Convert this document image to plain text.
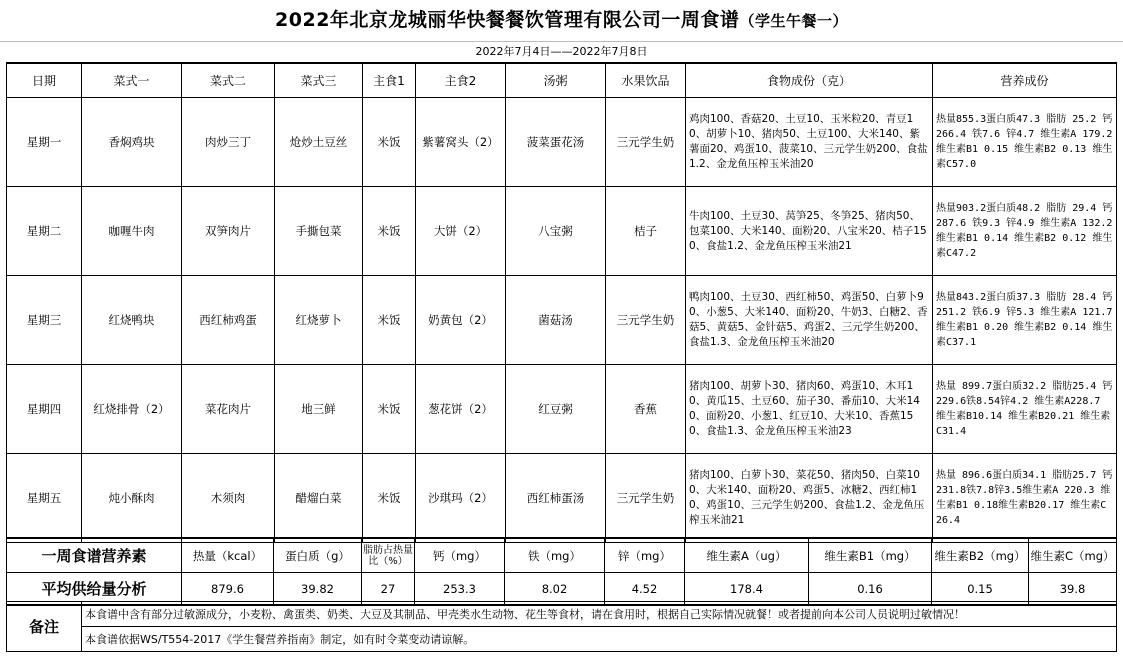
2022年北京龙城丽华快餐餐饮管理有限公司一周食谱（学生午餐一）
2022年7月4日——2022年7月8日
日期	菜式一	菜式二	菜式三	主食1	主食2	汤粥	水果饮品	食物成份（克）	营养成份
星期一	香焖鸡块	肉炒三丁	炝炒土豆丝	米饭	紫薯窝头（2）	菠菜蛋花汤	三元学生奶	鸡肉100、香菇20、土豆10、玉米粒20、青豆10、胡萝卜10、猪肉50、土豆100、大米140、紫薯面20、鸡蛋10、菠菜10、三元学生奶200、食盐1.2、金龙鱼压榨玉米油20	热量855.3蛋白质47.3 脂肪 25.2 钙 266.4 铁7.6 锌4.7 维生素A 179.2 维生素B1 0.15 维生素B2 0.13 维生素C57.0
星期二	咖喱牛肉	双笋肉片	手撕包菜	米饭	大饼（2）	八宝粥	桔子	牛肉100、土豆30、莴笋25、冬笋25、猪肉50、包菜100、大米140、面粉20、八宝米20、桔子150、食盐1.2、金龙鱼压榨玉米油21	热量903.2蛋白质48.2 脂肪 29.4 钙 287.6 铁9.3 锌4.9 维生素A 132.2 维生素B1 0.14 维生素B2 0.12 维生素C47.2
星期三	红烧鸭块	西红柿鸡蛋	红烧萝卜	米饭	奶黄包（2）	菌菇汤	三元学生奶	鸭肉100、土豆30、西红柿50、鸡蛋50、白萝卜90、小葱5、大米140、面粉20、牛奶3、白糖2、香菇5、黄菇5、金针菇5、鸡蛋2、三元学生奶200、食盐1.3、金龙鱼压榨玉米油20	热量843.2蛋白质37.3 脂肪 28.4 钙 251.2 铁6.9 锌5.3 维生素A 121.7 维生素B1 0.20 维生素B2 0.14 维生素C37.1
星期四	红烧排骨（2）	菜花肉片	地三鲜	米饭	葱花饼（2）	红豆粥	香蕉	猪肉100、胡萝卜30、猪肉60、鸡蛋10、木耳10、黄瓜15、土豆60、茄子30、番茄10、大米140、面粉20、小葱1、红豆10、大米10、香蕉150、食盐1.3、金龙鱼压榨玉米油23	热量 899.7蛋白质32.2 脂肪25.4 钙229.6铁8.54锌4.2 维生素A228.7 维生素B10.14 维生素B20.21 维生素C31.4
星期五	炖小酥肉	木须肉	醋熘白菜	米饭	沙琪玛（2）	西红柿蛋汤	三元学生奶	猪肉100、白萝卜30、菜花50、猪肉50、白菜100、大米140、面粉20、鸡蛋5、冰糖2、西红柿10、鸡蛋10、三元学生奶200、食盐1.2、金龙鱼压榨玉米油21	热量 896.6蛋白质34.1 脂肪25.7 钙231.8铁7.8锌3.5维生素A 220.3 维生素B1 0.18维生素B20.17 维生素C 26.4
一周食谱营养素	热量（kcal）	蛋白质（g）	脂肪占热量比（%）	钙（mg）	铁（mg）	锌（mg）	维生素A（ug）	维生素B1（mg）	维生素B2（mg）	维生素C（mg）
平均供给量分析	879.6	39.82	27	253.3	8.02	4.52	178.4	0.16	0.15	39.8
备注	本食谱中含有部分过敏源成分，小麦粉、禽蛋类、奶类、大豆及其制品、甲壳类水生动物、花生等食材，请在食用时，根据自己实际情况就餐！或者提前向本公司人员说明过敏情况！
本食谱依据WS/T554-2017《学生餐营养指南》制定，如有时令菜变动请谅解。
